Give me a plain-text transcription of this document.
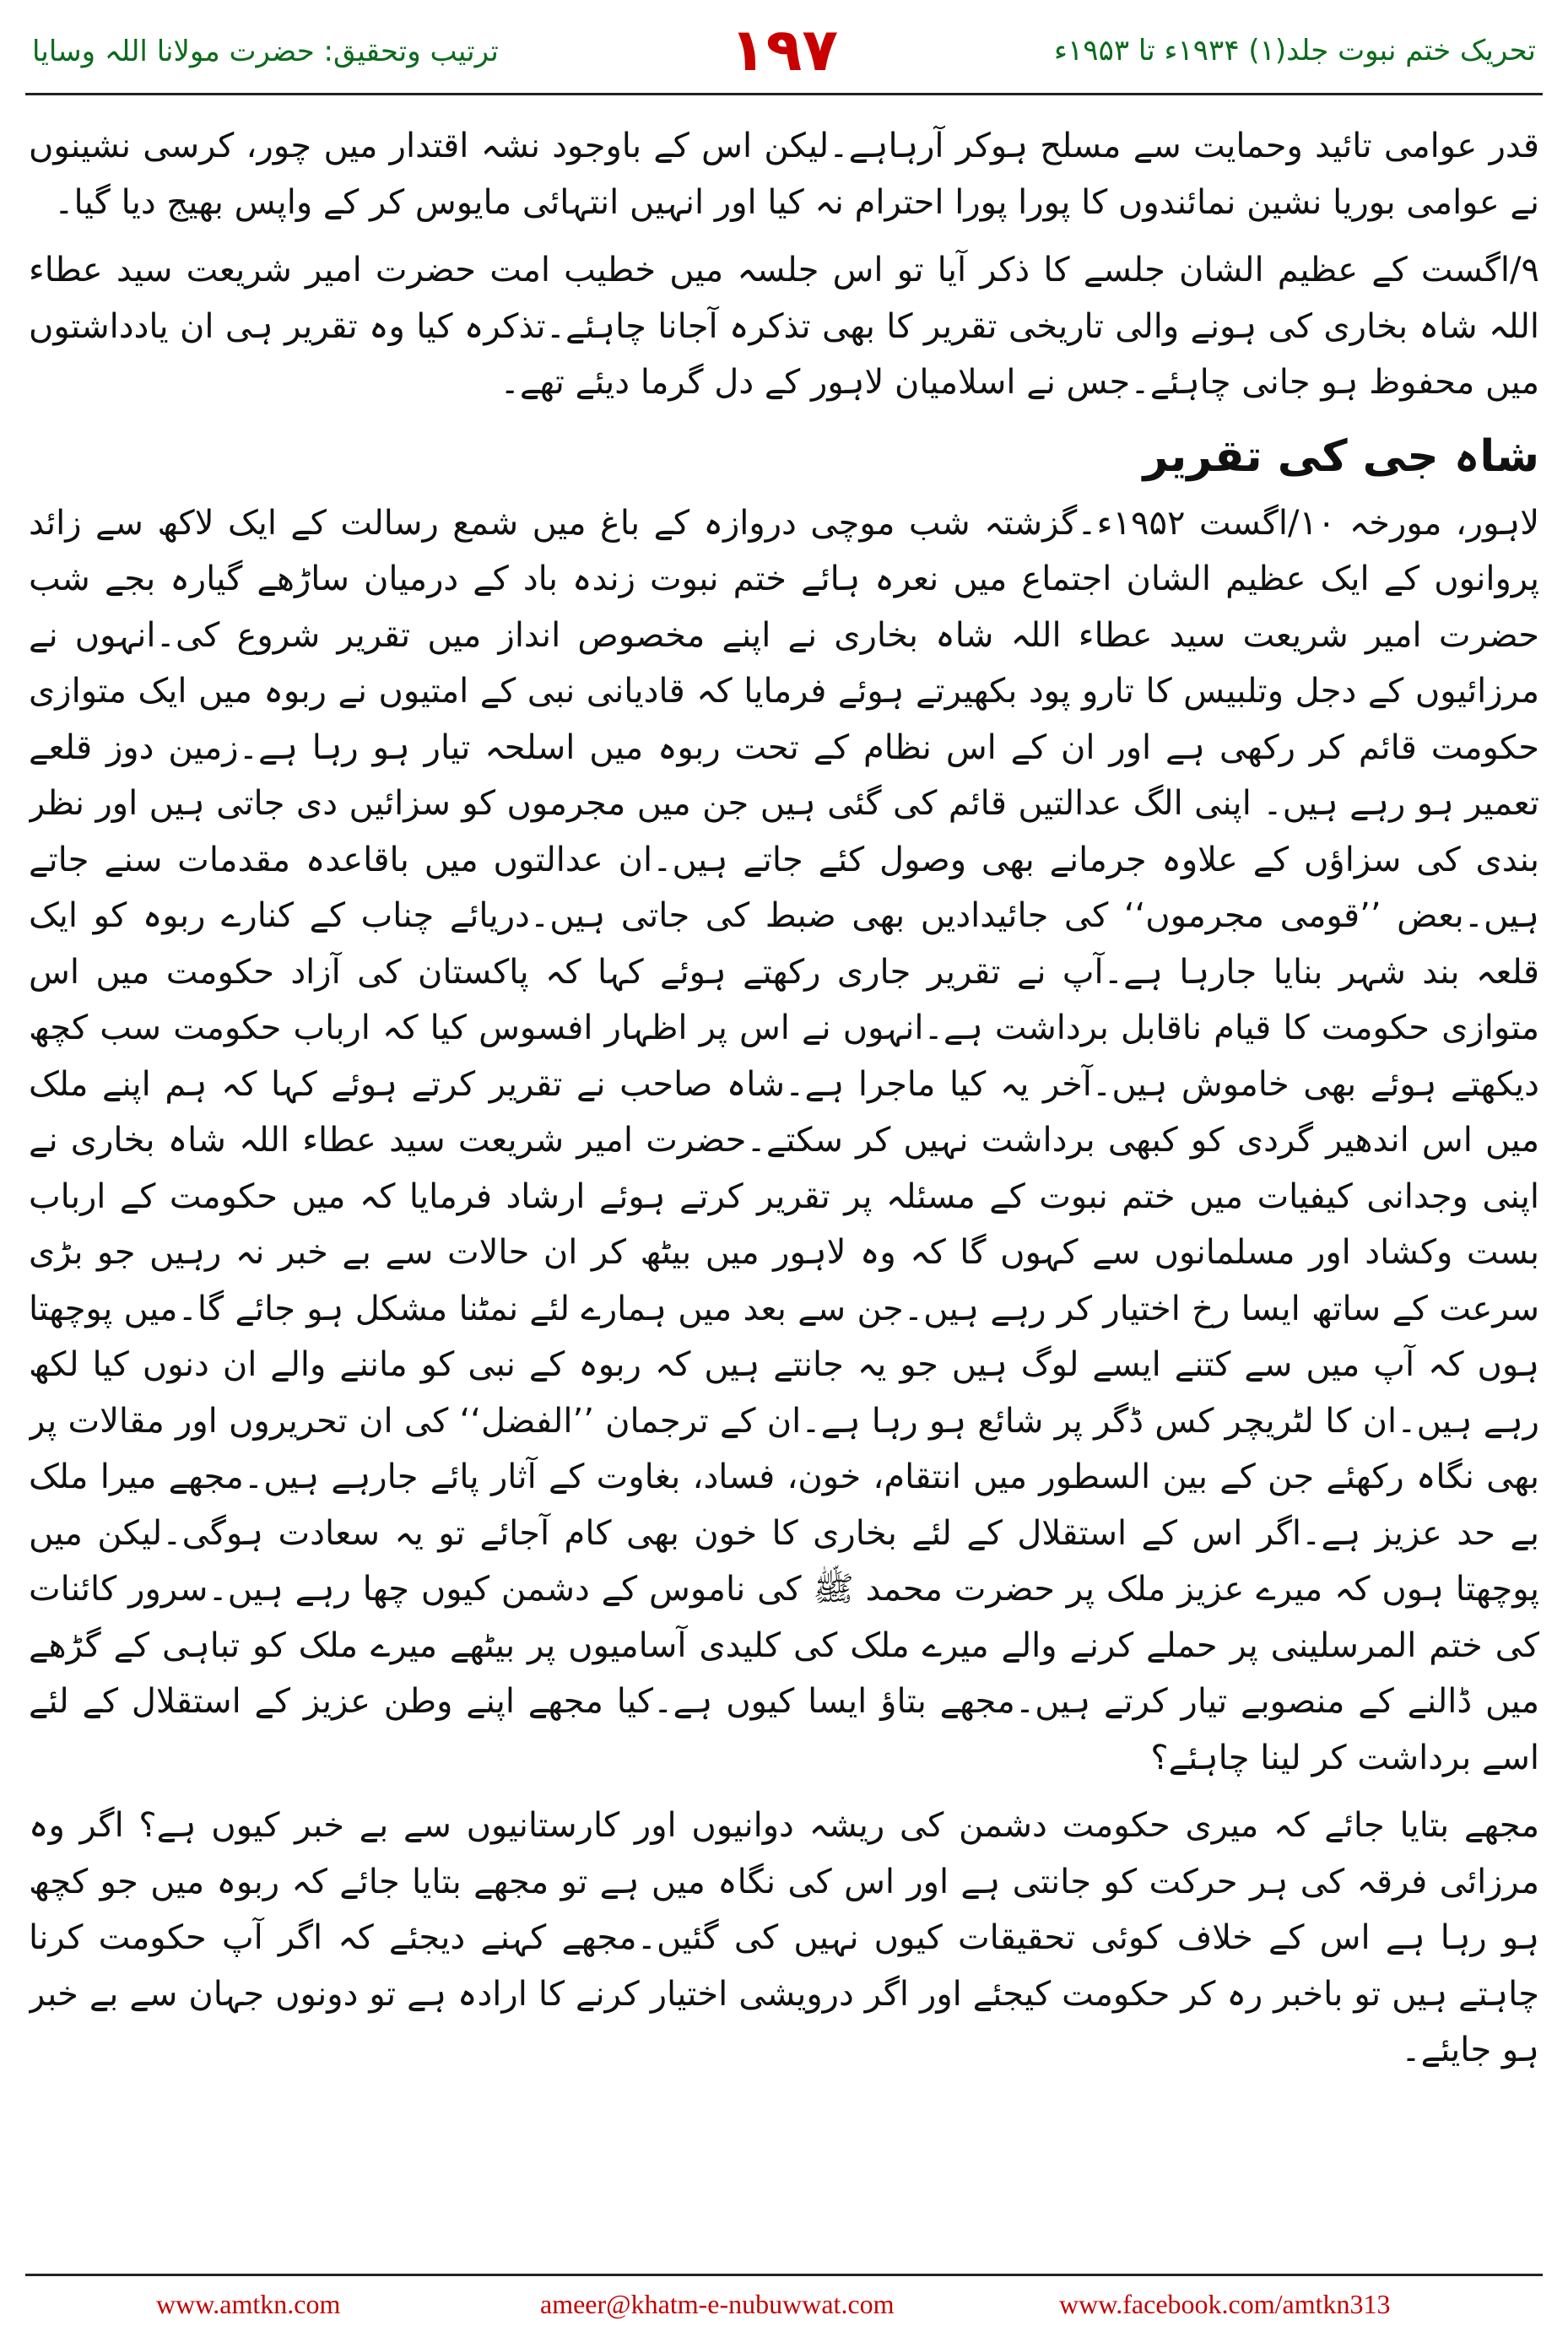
تحریک ختم نبوت جلد(۱) ۱۹۳۴ء تا ۱۹۵۳ء
۱۹۷
ترتیب وتحقیق: حضرت مولانا اللہ وسایا

قدر عوامی تائید وحمایت سے مسلح ہوکر آرہاہے۔لیکن اس کے باوجود نشہ اقتدار میں چور، کرسی نشینوں نے عوامی بوریا نشین نمائندوں کا پورا پورا احترام نہ کیا اور انہیں انتہائی مایوس کر کے واپس بھیج دیا گیا۔

۹/اگست کے عظیم الشان جلسے کا ذکر آیا تو اس جلسہ میں خطیب امت حضرت امیر شریعت سید عطاء اللہ شاہ بخاری کی ہونے والی تاریخی تقریر کا بھی تذکرہ آجانا چاہئے۔تذکرہ کیا وہ تقریر ہی ان یادداشتوں میں محفوظ ہو جانی چاہئے۔جس نے اسلامیان لاہور کے دل گرما دیئے تھے۔

شاہ جی کی تقریر

لاہور، مورخہ ۱۰/اگست ۱۹۵۲ء۔گزشتہ شب موچی دروازہ کے باغ میں شمع رسالت کے ایک لاکھ سے زائد پروانوں کے ایک عظیم الشان اجتماع میں نعرہ ہائے ختم نبوت زندہ باد کے درمیان ساڑھے گیارہ بجے شب حضرت امیر شریعت سید عطاء اللہ شاہ بخاری نے اپنے مخصوص انداز میں تقریر شروع کی۔انہوں نے مرزائیوں کے دجل وتلبیس کا تارو پود بکھیرتے ہوئے فرمایا کہ قادیانی نبی کے امتیوں نے ربوہ میں ایک متوازی حکومت قائم کر رکھی ہے اور ان کے اس نظام کے تحت ربوہ میں اسلحہ تیار ہو رہا ہے۔زمین دوز قلعے تعمیر ہو رہے ہیں۔ اپنی الگ عدالتیں قائم کی گئی ہیں جن میں مجرموں کو سزائیں دی جاتی ہیں اور نظر بندی کی سزاؤں کے علاوہ جرمانے بھی وصول کئے جاتے ہیں۔ان عدالتوں میں باقاعدہ مقدمات سنے جاتے ہیں۔بعض ’’قومی مجرموں‘‘ کی جائیدادیں بھی ضبط کی جاتی ہیں۔دریائے چناب کے کنارے ربوہ کو ایک قلعہ بند شہر بنایا جارہا ہے۔آپ نے تقریر جاری رکھتے ہوئے کہا کہ پاکستان کی آزاد حکومت میں اس متوازی حکومت کا قیام ناقابل برداشت ہے۔انہوں نے اس پر اظہار افسوس کیا کہ ارباب حکومت سب کچھ دیکھتے ہوئے بھی خاموش ہیں۔آخر یہ کیا ماجرا ہے۔شاہ صاحب نے تقریر کرتے ہوئے کہا کہ ہم اپنے ملک میں اس اندھیر گردی کو کبھی برداشت نہیں کر سکتے۔حضرت امیر شریعت سید عطاء اللہ شاہ بخاری نے اپنی وجدانی کیفیات میں ختم نبوت کے مسئلہ پر تقریر کرتے ہوئے ارشاد فرمایا کہ میں حکومت کے ارباب بست وکشاد اور مسلمانوں سے کہوں گا کہ وہ لاہور میں بیٹھ کر ان حالات سے بے خبر نہ رہیں جو بڑی سرعت کے ساتھ ایسا رخ اختیار کر رہے ہیں۔جن سے بعد میں ہمارے لئے نمٹنا مشکل ہو جائے گا۔میں پوچھتا ہوں کہ آپ میں سے کتنے ایسے لوگ ہیں جو یہ جانتے ہیں کہ ربوہ کے نبی کو ماننے والے ان دنوں کیا لکھ رہے ہیں۔ان کا لٹریچر کس ڈگر پر شائع ہو رہا ہے۔ان کے ترجمان ’’الفضل‘‘ کی ان تحریروں اور مقالات پر بھی نگاہ رکھئے جن کے بین السطور میں انتقام، خون، فساد، بغاوت کے آثار پائے جارہے ہیں۔مجھے میرا ملک بے حد عزیز ہے۔اگر اس کے استقلال کے لئے بخاری کا خون بھی کام آجائے تو یہ سعادت ہوگی۔لیکن میں پوچھتا ہوں کہ میرے عزیز ملک پر حضرت محمد ﷺ کی ناموس کے دشمن کیوں چھا رہے ہیں۔سرور کائنات کی ختم المرسلینی پر حملے کرنے والے میرے ملک کی کلیدی آسامیوں پر بیٹھے میرے ملک کو تباہی کے گڑھے میں ڈالنے کے منصوبے تیار کرتے ہیں۔مجھے بتاؤ ایسا کیوں ہے۔کیا مجھے اپنے وطن عزیز کے استقلال کے لئے اسے برداشت کر لینا چاہئے؟

مجھے بتایا جائے کہ میری حکومت دشمن کی ریشہ دوانیوں اور کارستانیوں سے بے خبر کیوں ہے؟ اگر وہ مرزائی فرقہ کی ہر حرکت کو جانتی ہے اور اس کی نگاہ میں ہے تو مجھے بتایا جائے کہ ربوہ میں جو کچھ ہو رہا ہے اس کے خلاف کوئی تحقیقات کیوں نہیں کی گئیں۔مجھے کہنے دیجئے کہ اگر آپ حکومت کرنا چاہتے ہیں تو باخبر رہ کر حکومت کیجئے اور اگر درویشی اختیار کرنے کا ارادہ ہے تو دونوں جہان سے بے خبر ہو جایئے۔

www.amtkn.com	ameer@khatm-e-nubuwwat.com	www.facebook.com/amtkn313
